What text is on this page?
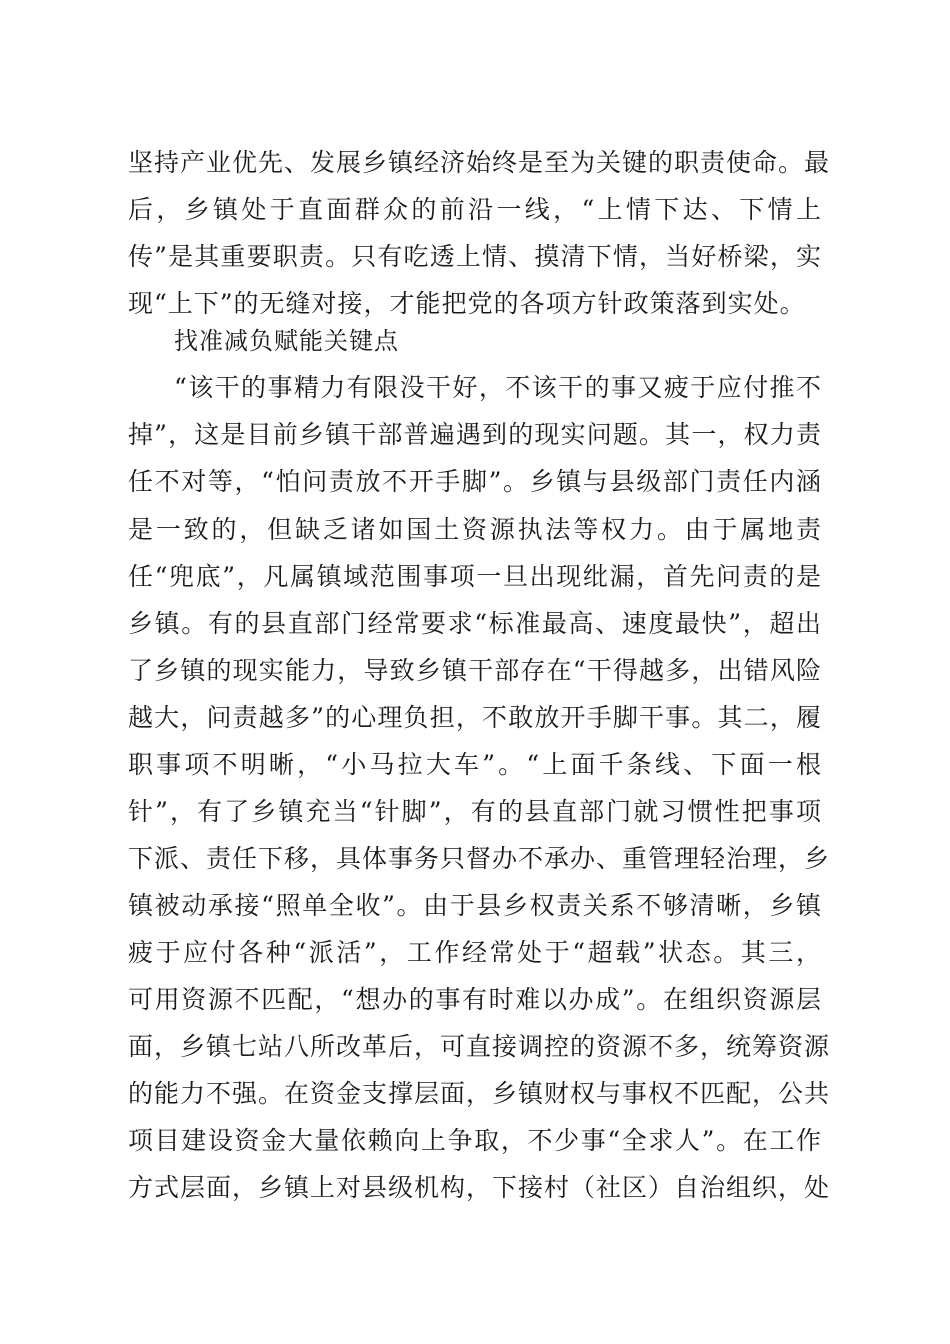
坚持产业优先、发展乡镇经济始终是至为关键的职责使命。最
后，乡镇处于直面群众的前沿一线，“上情下达、下情上
传”是其重要职责。只有吃透上情、摸清下情，当好桥梁，实
现“上下”的无缝对接，才能把党的各项方针政策落到实处。
找准减负赋能关键点
“该干的事精力有限没干好，不该干的事又疲于应付推不
掉”，这是目前乡镇干部普遍遇到的现实问题。其一，权力责
任不对等，“怕问责放不开手脚”。乡镇与县级部门责任内涵
是一致的，但缺乏诸如国土资源执法等权力。由于属地责
任“兜底”，凡属镇域范围事项一旦出现纰漏，首先问责的是
乡镇。有的县直部门经常要求“标准最高、速度最快”，超出
了乡镇的现实能力，导致乡镇干部存在“干得越多，出错风险
越大，问责越多”的心理负担，不敢放开手脚干事。其二，履
职事项不明晰，“小马拉大车”。“上面千条线、下面一根
针”，有了乡镇充当“针脚”，有的县直部门就习惯性把事项
下派、责任下移，具体事务只督办不承办、重管理轻治理，乡
镇被动承接“照单全收”。由于县乡权责关系不够清晰，乡镇
疲于应付各种“派活”，工作经常处于“超载”状态。其三，
可用资源不匹配，“想办的事有时难以办成”。在组织资源层
面，乡镇七站八所改革后，可直接调控的资源不多，统筹资源
的能力不强。在资金支撑层面，乡镇财权与事权不匹配，公共
项目建设资金大量依赖向上争取，不少事“全求人”。在工作
方式层面，乡镇上对县级机构，下接村（社区）自治组织，处
